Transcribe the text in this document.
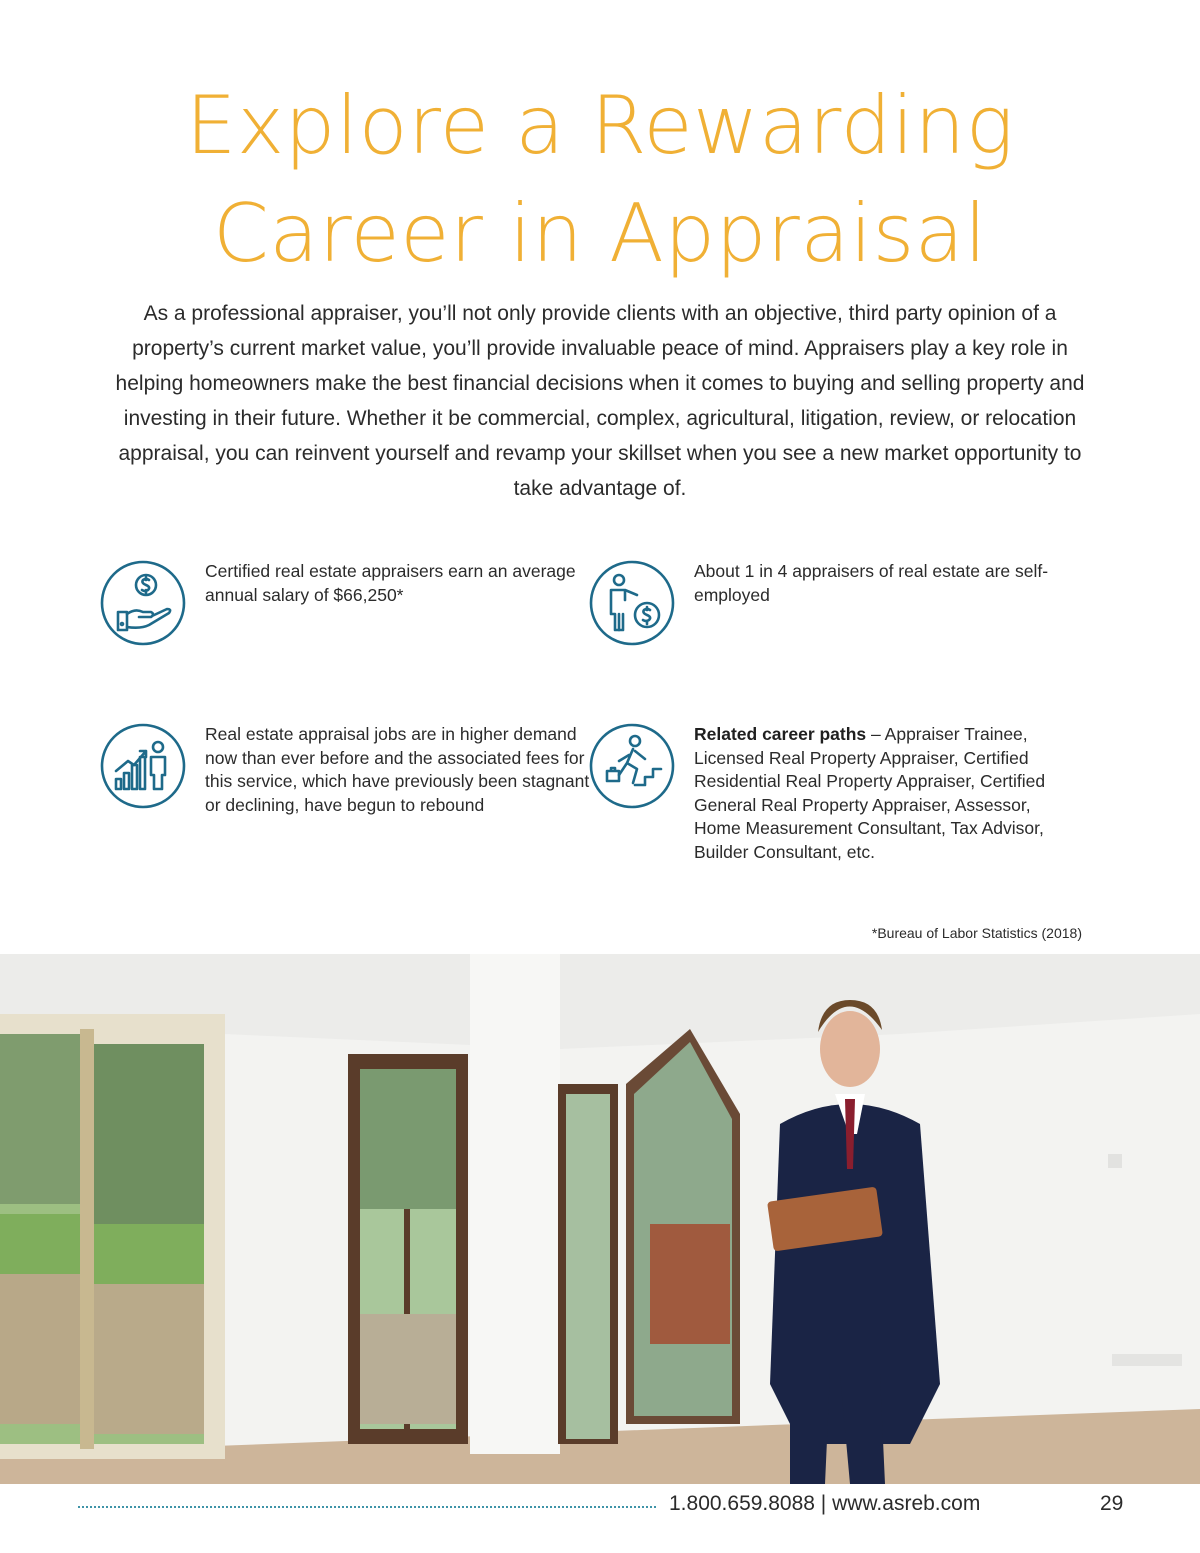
Explore a Rewarding
Career in Appraisal
As a professional appraiser, you’ll not only provide clients with an objective, third party opinion of a property’s current market value, you’ll provide invaluable peace of mind. Appraisers play a key role in helping homeowners make the best financial decisions when it comes to buying and selling property and investing in their future. Whether it be commercial, complex, agricultural, litigation, review, or relocation appraisal, you can reinvent yourself and revamp your skillset when you see a new market opportunity to take advantage of.
Certified real estate appraisers earn an average annual salary of $66,250*
About 1 in 4 appraisers of real estate are self-employed
Real estate appraisal jobs are in higher demand now than ever before and the associated fees for this service, which have previously been stagnant or declining, have begun to rebound
Related career paths – Appraiser Trainee, Licensed Real Property Appraiser, Certified Residential Real Property Appraiser, Certified General Real Property Appraiser, Assessor, Home Measurement Consultant, Tax Advisor, Builder Consultant, etc.
*Bureau of Labor Statistics (2018)
1.800.659.8088 | www.asreb.com	29
